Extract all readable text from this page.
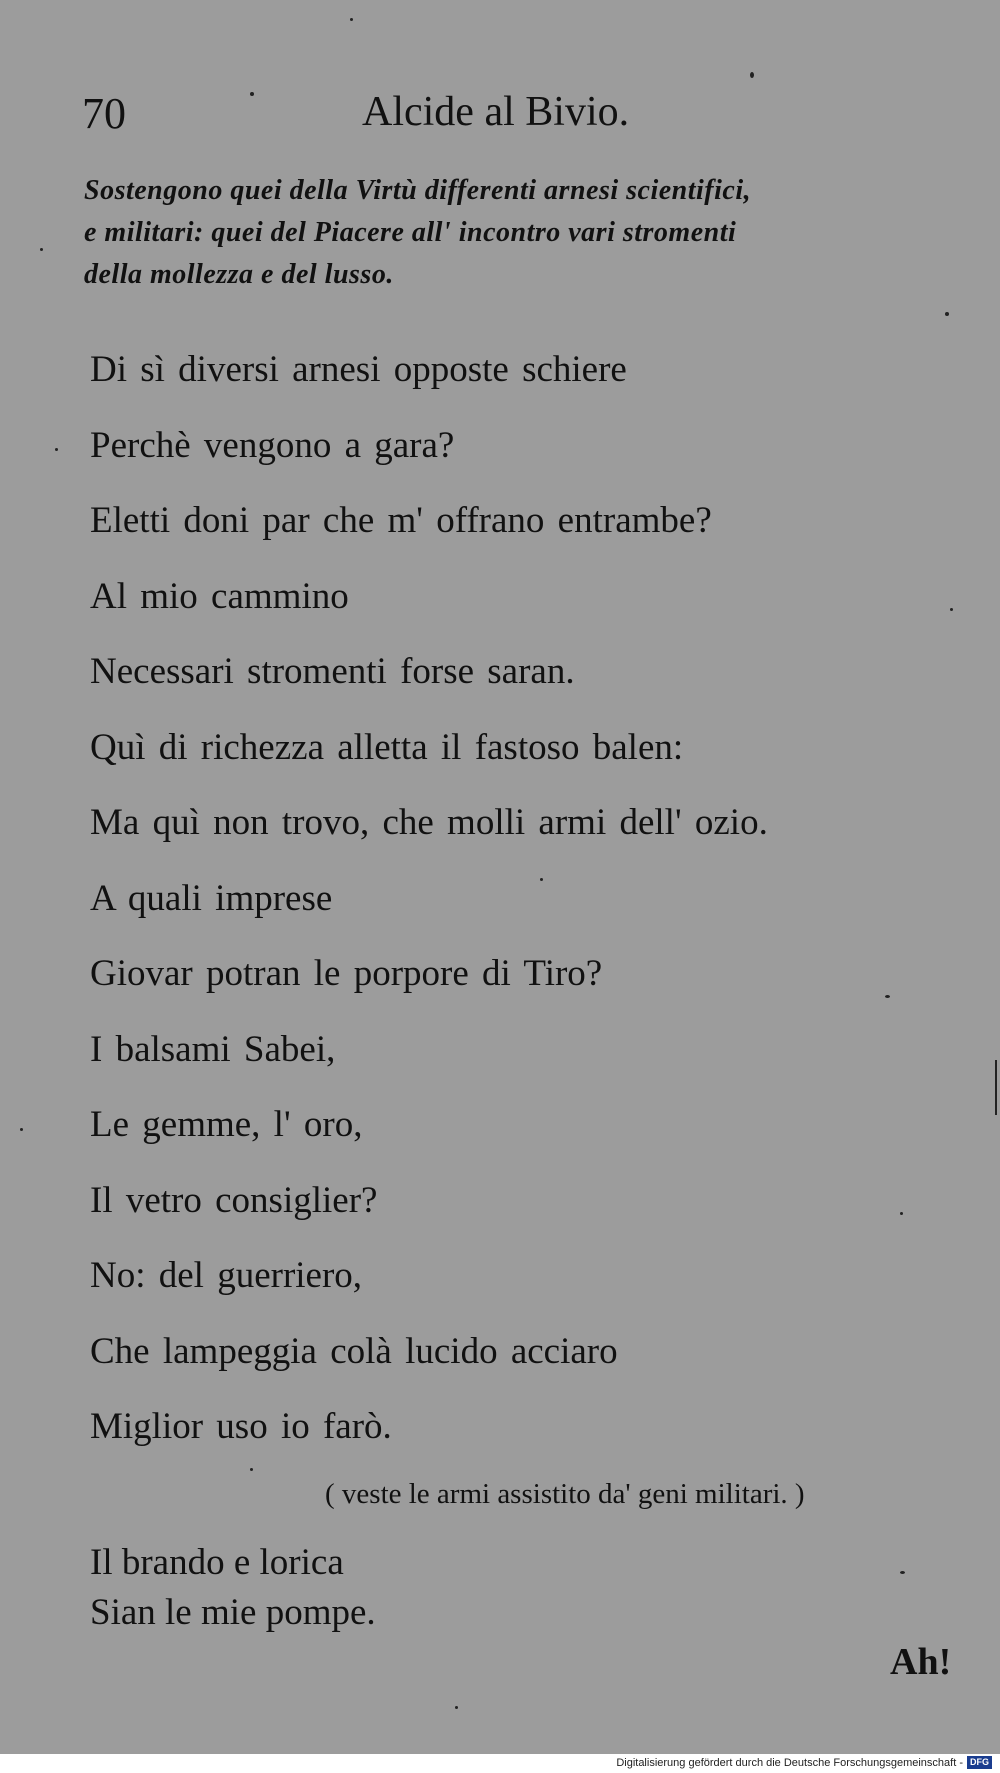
70	Alcide al Bivio.
Sostengono quei della Virtù differenti arnesi scientifici,
e militari: quei del Piacere all' incontro vari stromenti
della mollezza e del lusso.
Di sì diversi arnesi opposte schiere
Perchè vengono a gara?
Eletti doni par che m' offrano entrambe?
Al mio cammino
Necessari stromenti forse saran.
Quì di richezza alletta il fastoso balen:
Ma quì non trovo, che molli armi dell' ozio.
A quali imprese
Giovar potran le porpore di Tiro?
I balsami Sabei,
Le gemme, l' oro,
Il vetro consiglier?
No: del guerriero,
Che lampeggia colà lucido acciaro
Miglior uso io farò.
( veste le armi assistito da' geni militari. )
Il brando e lorica
Sian le mie pompe.
Ah!
Digitalisierung gefördert durch die Deutsche Forschungsgemeinschaft - DFG
